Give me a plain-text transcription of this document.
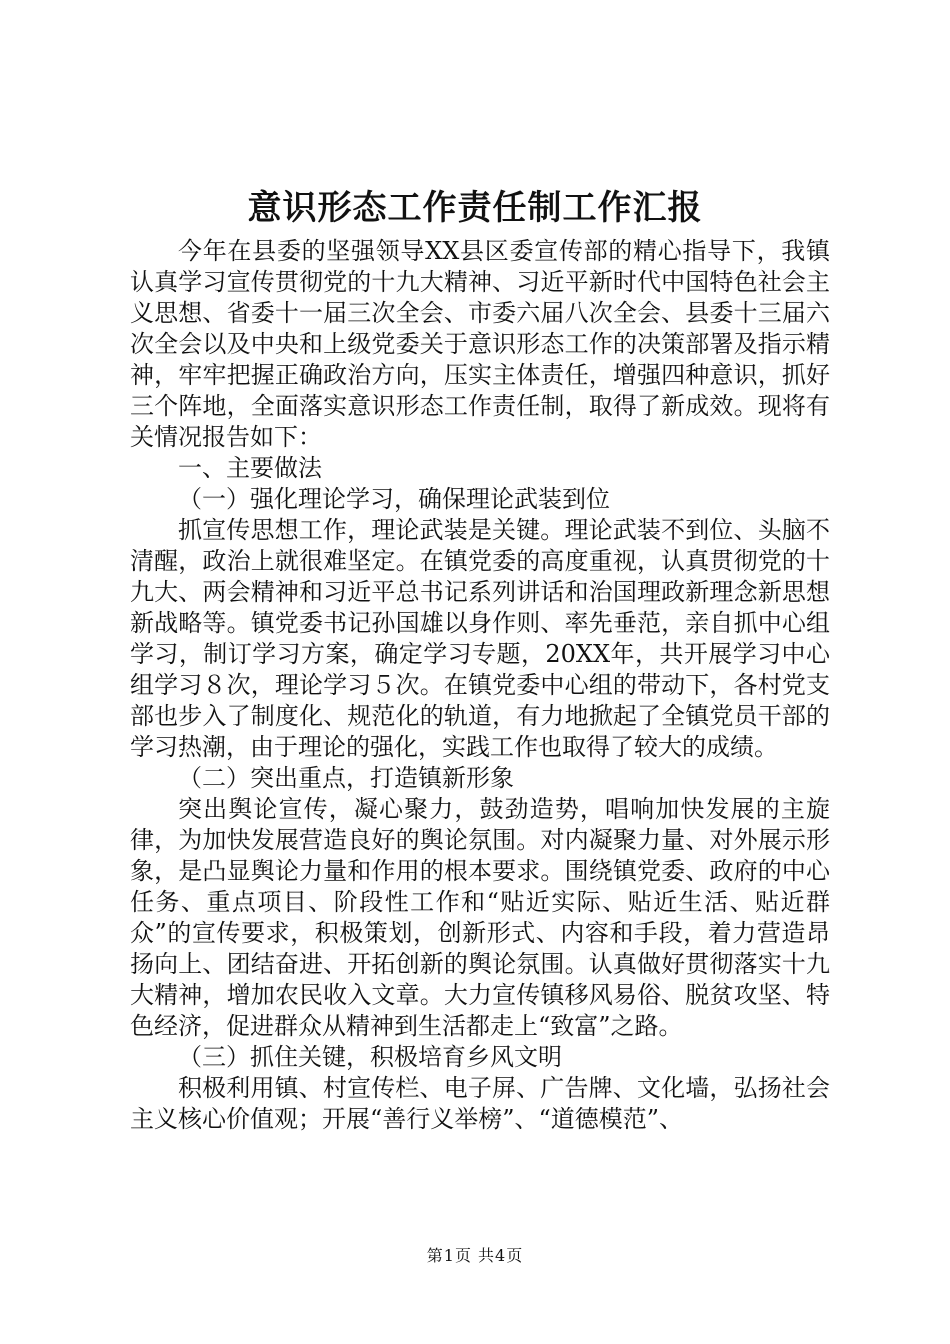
意识形态工作责任制工作汇报

今年在县委的坚强领导XX县区委宣传部的精心指导下，我镇认真学习宣传贯彻党的十九大精神、习近平新时代中国特色社会主义思想、省委十一届三次全会、市委六届八次全会、县委十三届六次全会以及中央和上级党委关于意识形态工作的决策部署及指示精神，牢牢把握正确政治方向，压实主体责任，增强四种意识，抓好三个阵地，全面落实意识形态工作责任制，取得了新成效。现将有关情况报告如下：

一、主要做法

（一）强化理论学习，确保理论武装到位

抓宣传思想工作，理论武装是关键。理论武装不到位、头脑不清醒，政治上就很难坚定。在镇党委的高度重视，认真贯彻党的十九大、两会精神和习近平总书记系列讲话和治国理政新理念新思想新战略等。镇党委书记孙国雄以身作则、率先垂范，亲自抓中心组学习，制订学习方案，确定学习专题，20XX年，共开展学习中心组学习８次，理论学习５次。在镇党委中心组的带动下，各村党支部也步入了制度化、规范化的轨道，有力地掀起了全镇党员干部的学习热潮，由于理论的强化，实践工作也取得了较大的成绩。

（二）突出重点，打造镇新形象

突出舆论宣传，凝心聚力，鼓劲造势，唱响加快发展的主旋律，为加快发展营造良好的舆论氛围。对内凝聚力量、对外展示形象，是凸显舆论力量和作用的根本要求。围绕镇党委、政府的中心任务、重点项目、阶段性工作和“贴近实际、贴近生活、贴近群众”的宣传要求，积极策划，创新形式、内容和手段，着力营造昂扬向上、团结奋进、开拓创新的舆论氛围。认真做好贯彻落实十九大精神，增加农民收入文章。大力宣传镇移风易俗、脱贫攻坚、特色经济，促进群众从精神到生活都走上“致富”之路。

（三）抓住关键，积极培育乡风文明

积极利用镇、村宣传栏、电子屏、广告牌、文化墙，弘扬社会主义核心价值观；开展“善行义举榜”、“道德模范”、

第1页 共4页
